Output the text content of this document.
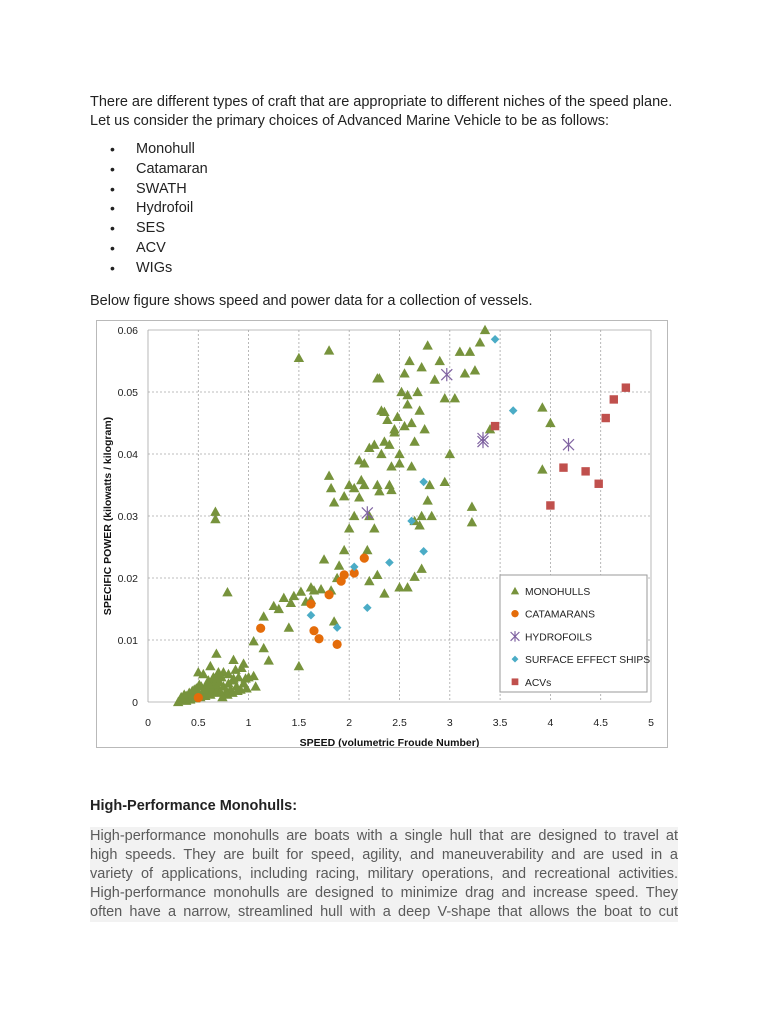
There are different types of craft that are appropriate to different niches of the speed plane. Let us consider the primary choices of Advanced Marine Vehicle to be as follows:

• Monohull
• Catamaran
• SWATH
• Hydrofoil
• SES
• ACV
• WIGs

Below figure shows speed and power data for a collection of vessels.

0	0.5	1	1.5	2	2.5	3	3.5	4	4.5	5
0
0.01
0.02
0.03
0.04
0.05
0.06
SPEED (volumetric Froude Number)
SPECIFIC POWER (kilowatts / kilogram)	MONOHULLS
CATAMARANS
HYDROFOILS
SURFACE EFFECT SHIPS
ACVs

High-Performance Monohulls:

High-performance monohulls are boats with a single hull that are designed to travel at
high speeds. They are built for speed, agility, and maneuverability and are used in a
variety of applications, including racing, military operations, and recreational activities.
High-performance monohulls are designed to minimize drag and increase speed. They
often have a narrow, streamlined hull with a deep V-shape that allows the boat to cut
